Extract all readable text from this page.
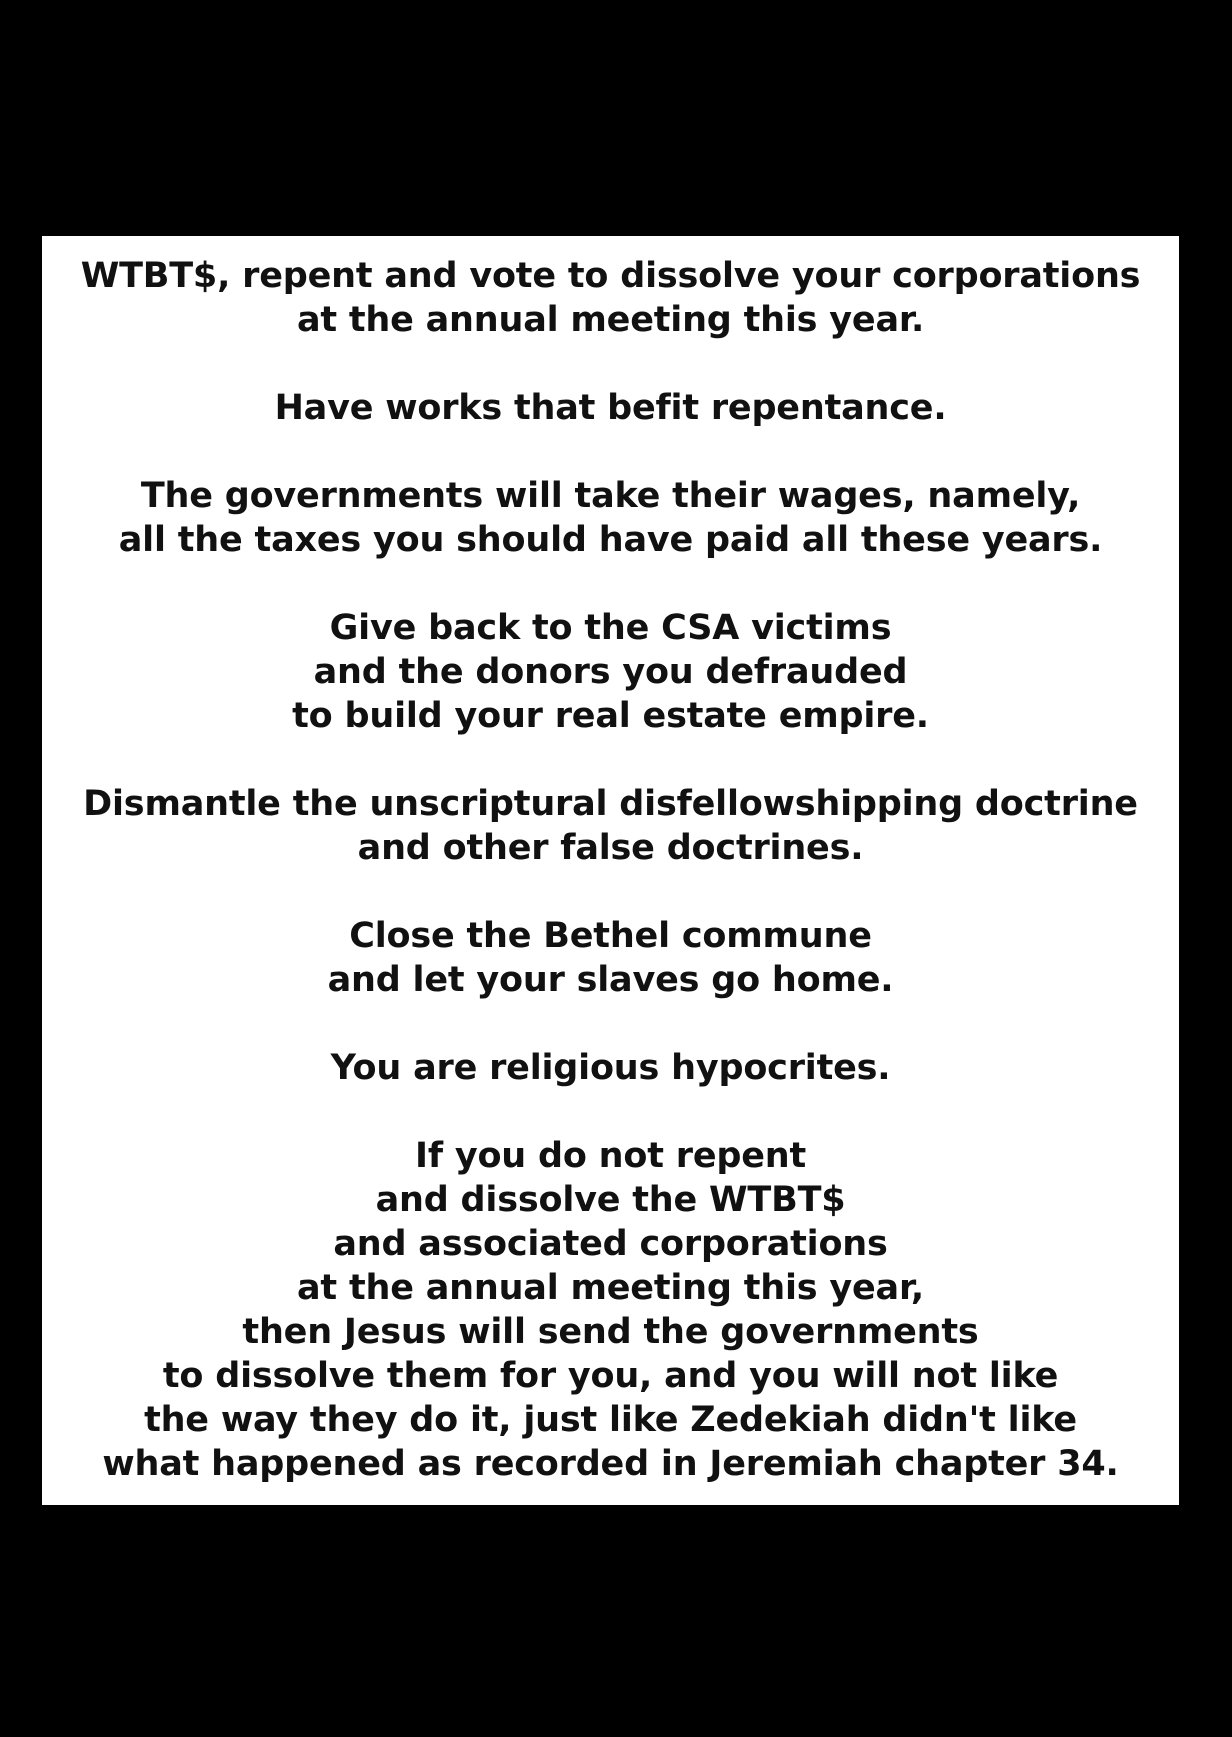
WTBT$, repent and vote to dissolve your corporations
at the annual meeting this year.
Have works that befit repentance.
The governments will take their wages, namely,
all the taxes you should have paid all these years.
Give back to the CSA victims
and the donors you defrauded
to build your real estate empire.
Dismantle the unscriptural disfellowshipping doctrine
and other false doctrines.
Close the Bethel commune
and let your slaves go home.
You are religious hypocrites.
If you do not repent
and dissolve the WTBT$
and associated corporations
at the annual meeting this year,
then Jesus will send the governments
to dissolve them for you, and you will not like
the way they do it, just like Zedekiah didn't like
what happened as recorded in Jeremiah chapter 34.
